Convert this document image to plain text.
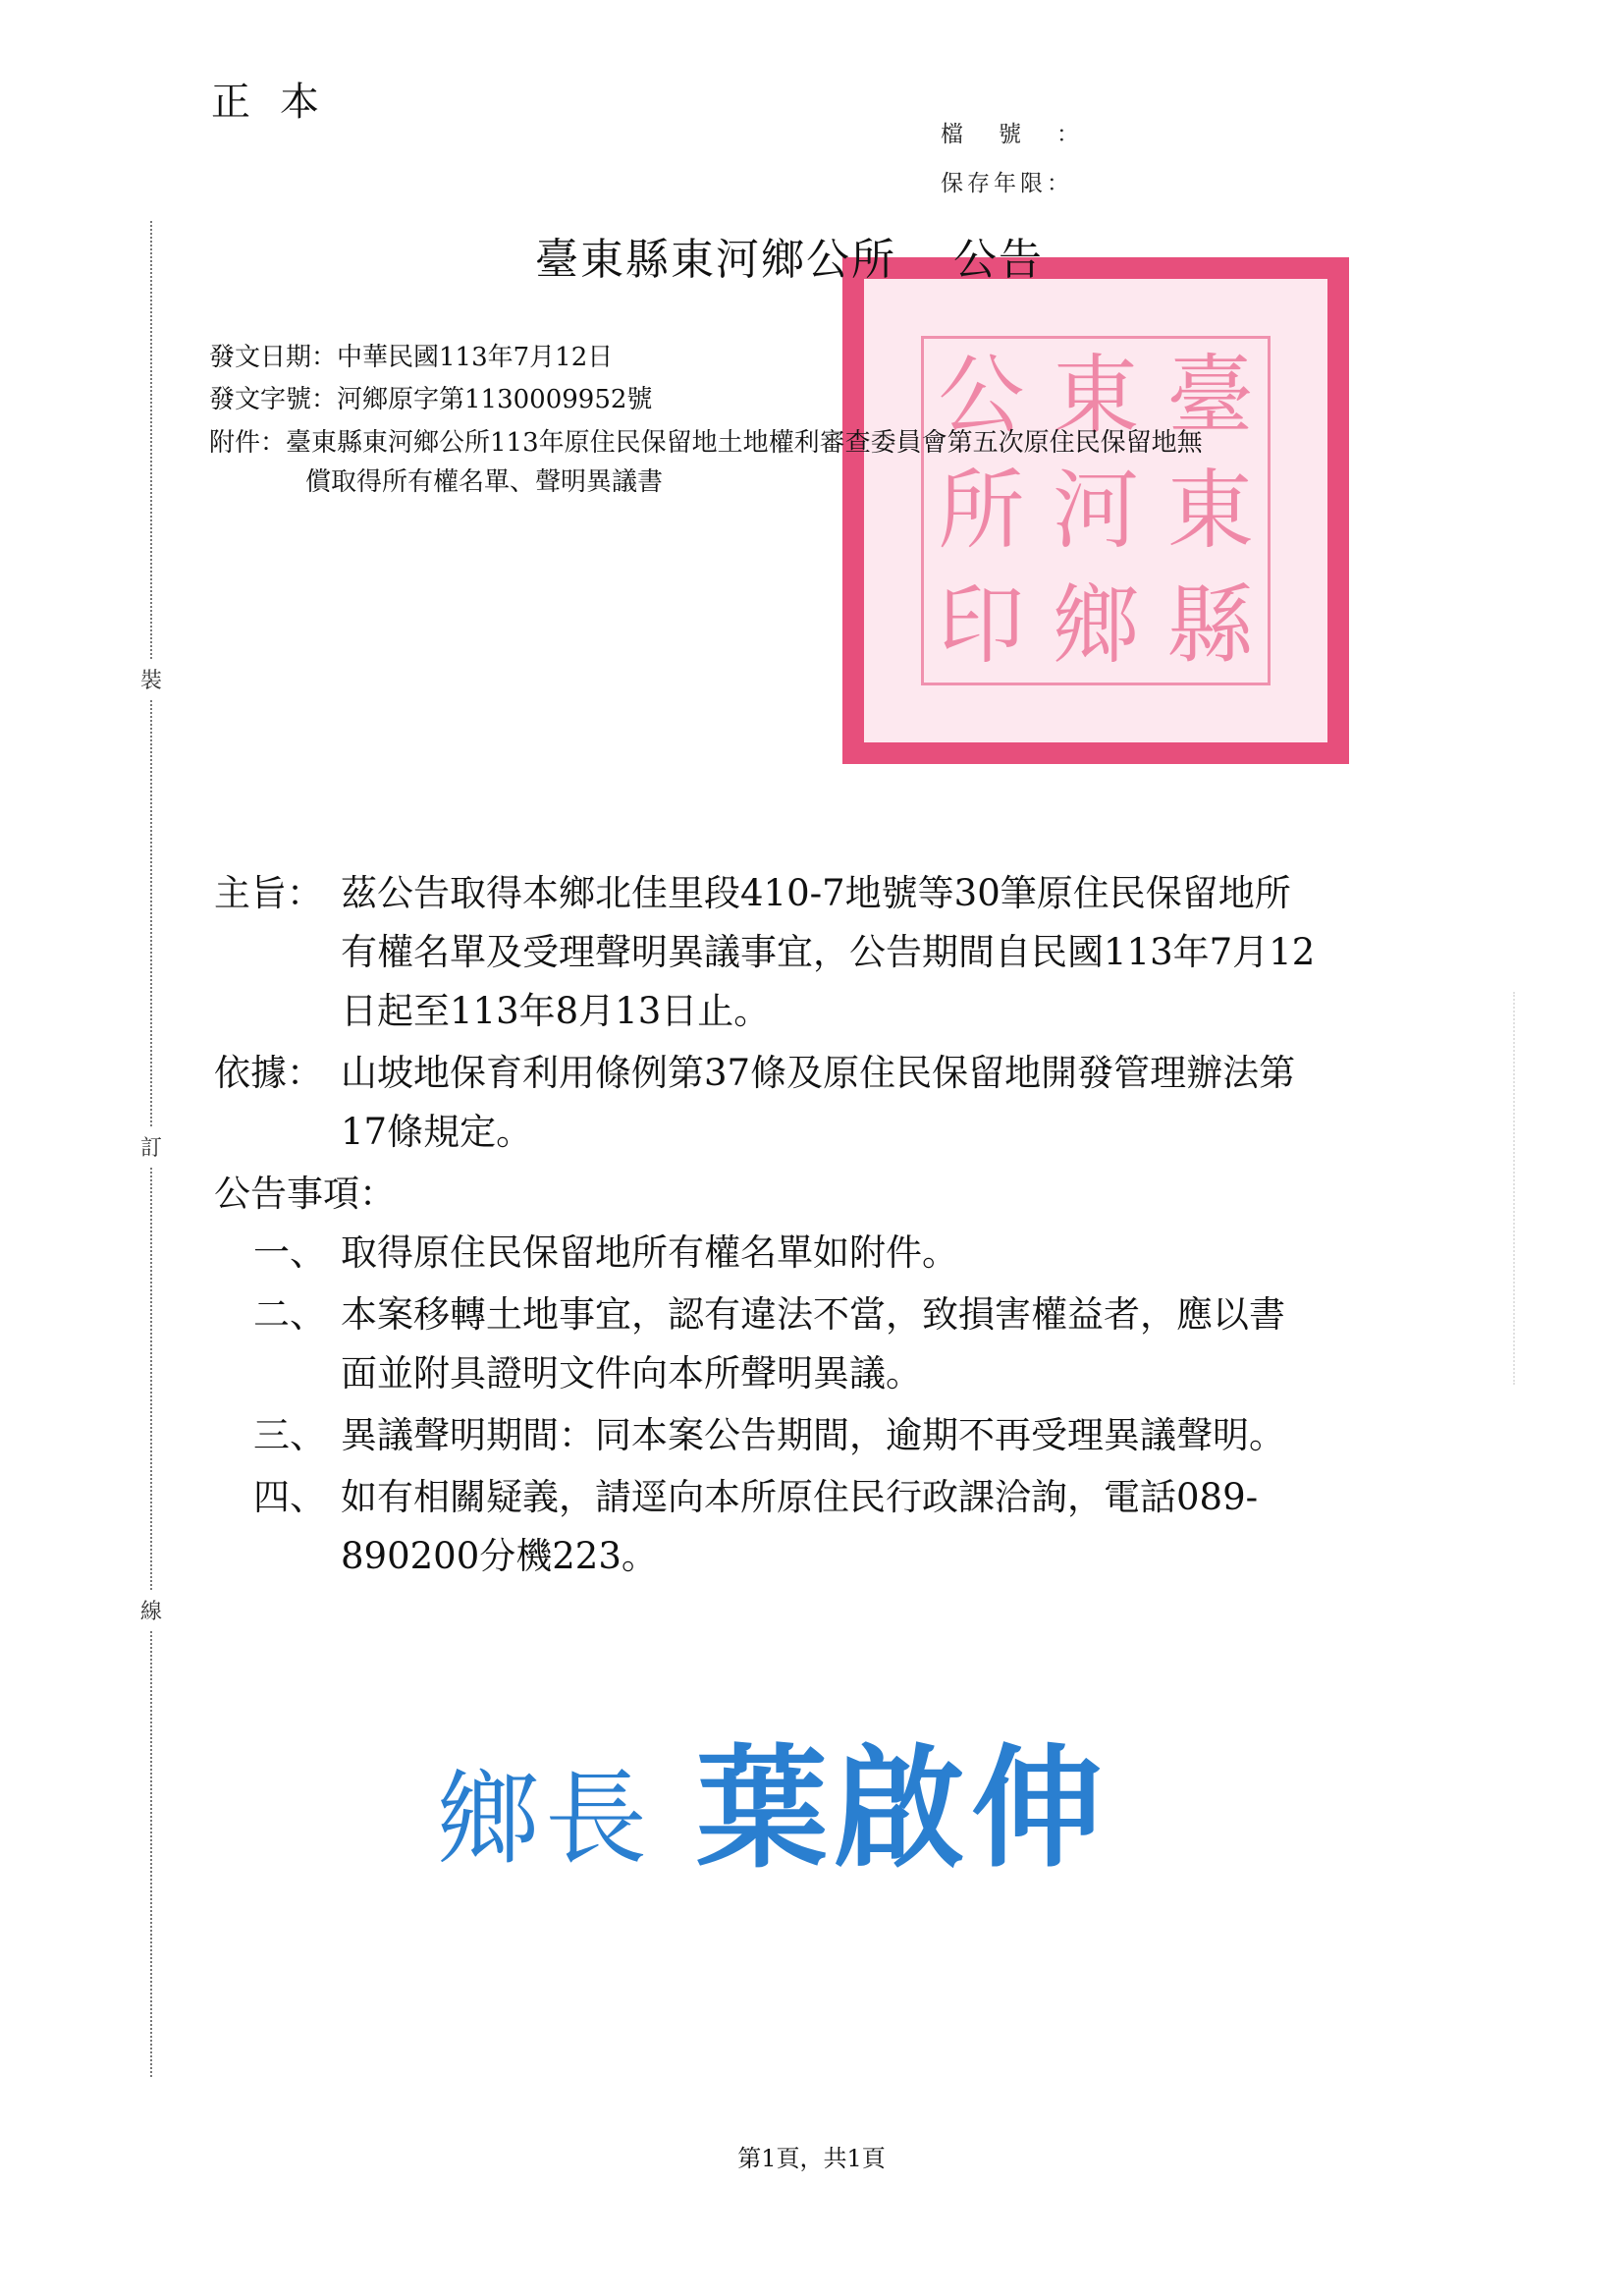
正本
檔號：
保存年限：
裝
訂
線
臺
東
縣
東
河
鄉
公
所
印
臺東縣東河鄉公所 公告
發文日期：中華民國113年7月12日
發文字號：河鄉原字第1130009952號
附件：臺東縣東河鄉公所113年原住民保留地土地權利審查委員會第五次原住民保留地無
償取得所有權名單、聲明異議書
主旨： 茲公告取得本鄉北佳里段410-7地號等30筆原住民保留地所
有權名單及受理聲明異議事宜，公告期間自民國113年7月12
日起至113年8月13日止。
依據： 山坡地保育利用條例第37條及原住民保留地開發管理辦法第
17條規定。
公告事項：
一、 取得原住民保留地所有權名單如附件。
二、 本案移轉土地事宜，認有違法不當，致損害權益者，應以書
面並附具證明文件向本所聲明異議。
三、 異議聲明期間：同本案公告期間，逾期不再受理異議聲明。
四、 如有相關疑義，請逕向本所原住民行政課洽詢，電話089-
890200分機223。
鄉長 葉啟伸
第1頁，共1頁
